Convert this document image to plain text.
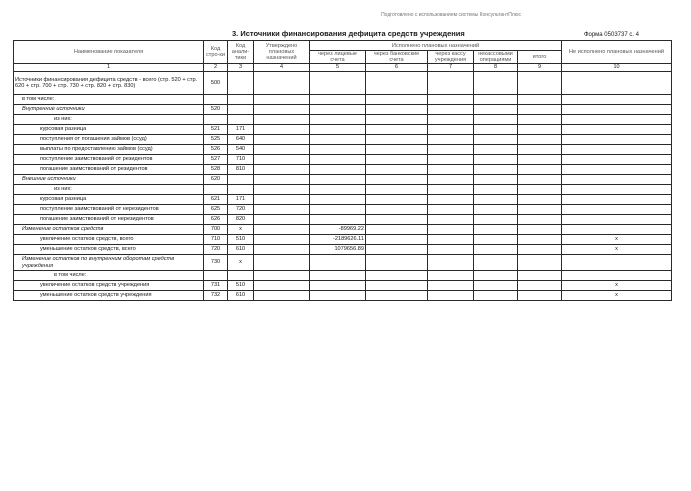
Подготовлено с использованием системы КонсультантПлюс
3. Источники финансирования дефицита средств учреждения	Форма 0503737 с. 4
Наименование показателя	Код стро-ки	Код анали-тики	Утверждено плановых назначений	Исполнено плановых назначений					Не исполнено плановых назначений
				через лицевые счета	через банковские счета	через кассу учреждения	некассовыми операциями	итого	
1	2	3	4	5	6	7	8	9	10
Источники финансирования дефицита средств - всего (стр. 520 + стр. 620 + стр. 700 + стр. 730 + стр. 820 + стр. 830)	500								
в том числе:									
Внутренние источники	520								
из них:									
курсовая разница	521	171							
поступления от погашения займов (ссуд)	525	640							
выплаты по предоставлению займов (ссуд)	526	540							
поступление заимствований от резидентов	527	710							
погашение заимствований от резидентов	528	810							
Внешние источники	620								
из них:									
курсовая разница	621	171							
поступление заимствований от нерезидентов	625	720							
погашение заимствований от нерезидентов	626	820							
Изменение остатков средств	700	x		-89969.22					
увеличение остатков средств, всего	710	510		-2189626.11					x
уменьшение остатков средств, всего	720	610		1079656.89					x
Изменение остатков по внутренним оборотам средств учреждения	730	x							
в том числе:									
увеличение остатков средств учреждения	731	510							x
уменьшение остатков средств учреждения	732	610							x
